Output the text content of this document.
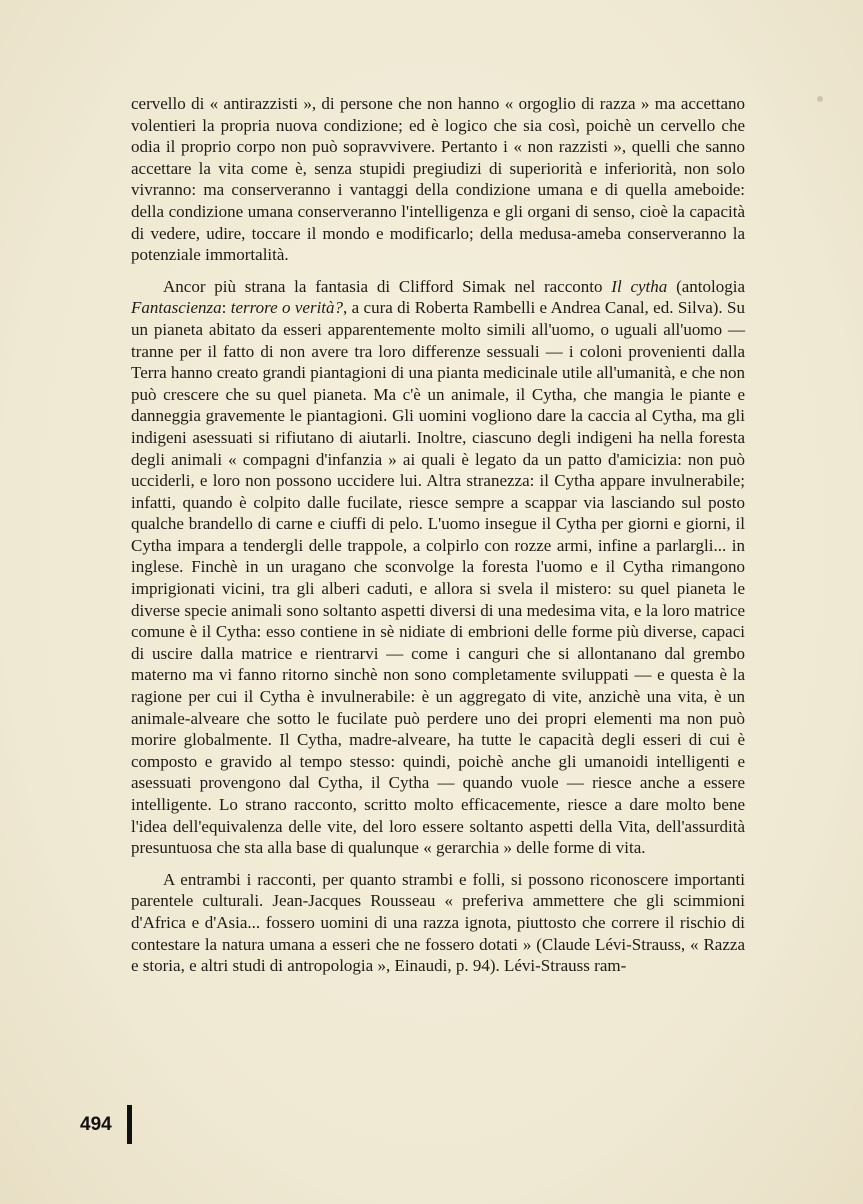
cervello di « antirazzisti », di persone che non hanno « orgoglio di razza » ma accettano volentieri la propria nuova condizione; ed è logico che sia così, poichè un cervello che odia il proprio corpo non può sopravvivere. Pertanto i « non razzisti », quelli che sanno accettare la vita come è, senza stupidi pregiudizi di superiorità e inferiorità, non solo vivranno: ma conserveranno i vantaggi della condizione umana e di quella ameboide: della condizione umana conserveranno l'intelligenza e gli organi di senso, cioè la capacità di vedere, udire, toccare il mondo e modificarlo; della medusa-ameba conserveranno la potenziale immortalità.

Ancor più strana la fantasia di Clifford Simak nel racconto Il cytha (antologia Fantascienza: terrore o verità?, a cura di Roberta Rambelli e Andrea Canal, ed. Silva). Su un pianeta abitato da esseri apparentemente molto simili all'uomo, o uguali all'uomo — tranne per il fatto di non avere tra loro differenze sessuali — i coloni provenienti dalla Terra hanno creato grandi piantagioni di una pianta medicinale utile all'umanità, e che non può crescere che su quel pianeta. Ma c'è un animale, il Cytha, che mangia le piante e danneggia gravemente le piantagioni. Gli uomini vogliono dare la caccia al Cytha, ma gli indigeni asessuati si rifiutano di aiutarli. Inoltre, ciascuno degli indigeni ha nella foresta degli animali « compagni d'infanzia » ai quali è legato da un patto d'amicizia: non può ucciderli, e loro non possono uccidere lui. Altra stranezza: il Cytha appare invulnerabile; infatti, quando è colpito dalle fucilate, riesce sempre a scappar via lasciando sul posto qualche brandello di carne e ciuffi di pelo. L'uomo insegue il Cytha per giorni e giorni, il Cytha impara a tendergli delle trappole, a colpirlo con rozze armi, infine a parlargli... in inglese. Finchè in un uragano che sconvolge la foresta l'uomo e il Cytha rimangono imprigionati vicini, tra gli alberi caduti, e allora si svela il mistero: su quel pianeta le diverse specie animali sono soltanto aspetti diversi di una medesima vita, e la loro matrice comune è il Cytha: esso contiene in sè nidiate di embrioni delle forme più diverse, capaci di uscire dalla matrice e rientrarvi — come i canguri che si allontanano dal grembo materno ma vi fanno ritorno sinchè non sono completamente sviluppati — e questa è la ragione per cui il Cytha è invulnerabile: è un aggregato di vite, anzichè una vita, è un animale-alveare che sotto le fucilate può perdere uno dei propri elementi ma non può morire globalmente. Il Cytha, madre-alveare, ha tutte le capacità degli esseri di cui è composto e gravido al tempo stesso: quindi, poichè anche gli umanoidi intelligenti e asessuati provengono dal Cytha, il Cytha — quando vuole — riesce anche a essere intelligente. Lo strano racconto, scritto molto efficacemente, riesce a dare molto bene l'idea dell'equivalenza delle vite, del loro essere soltanto aspetti della Vita, dell'assurdità presuntuosa che sta alla base di qualunque « gerarchia » delle forme di vita.

A entrambi i racconti, per quanto strambi e folli, si possono riconoscere importanti parentele culturali. Jean-Jacques Rousseau « preferiva ammettere che gli scimmioni d'Africa e d'Asia... fossero uomini di una razza ignota, piuttosto che correre il rischio di contestare la natura umana a esseri che ne fossero dotati » (Claude Lévi-Strauss, « Razza e storia, e altri studi di antropologia », Einaudi, p. 94). Lévi-Strauss ram-

494
